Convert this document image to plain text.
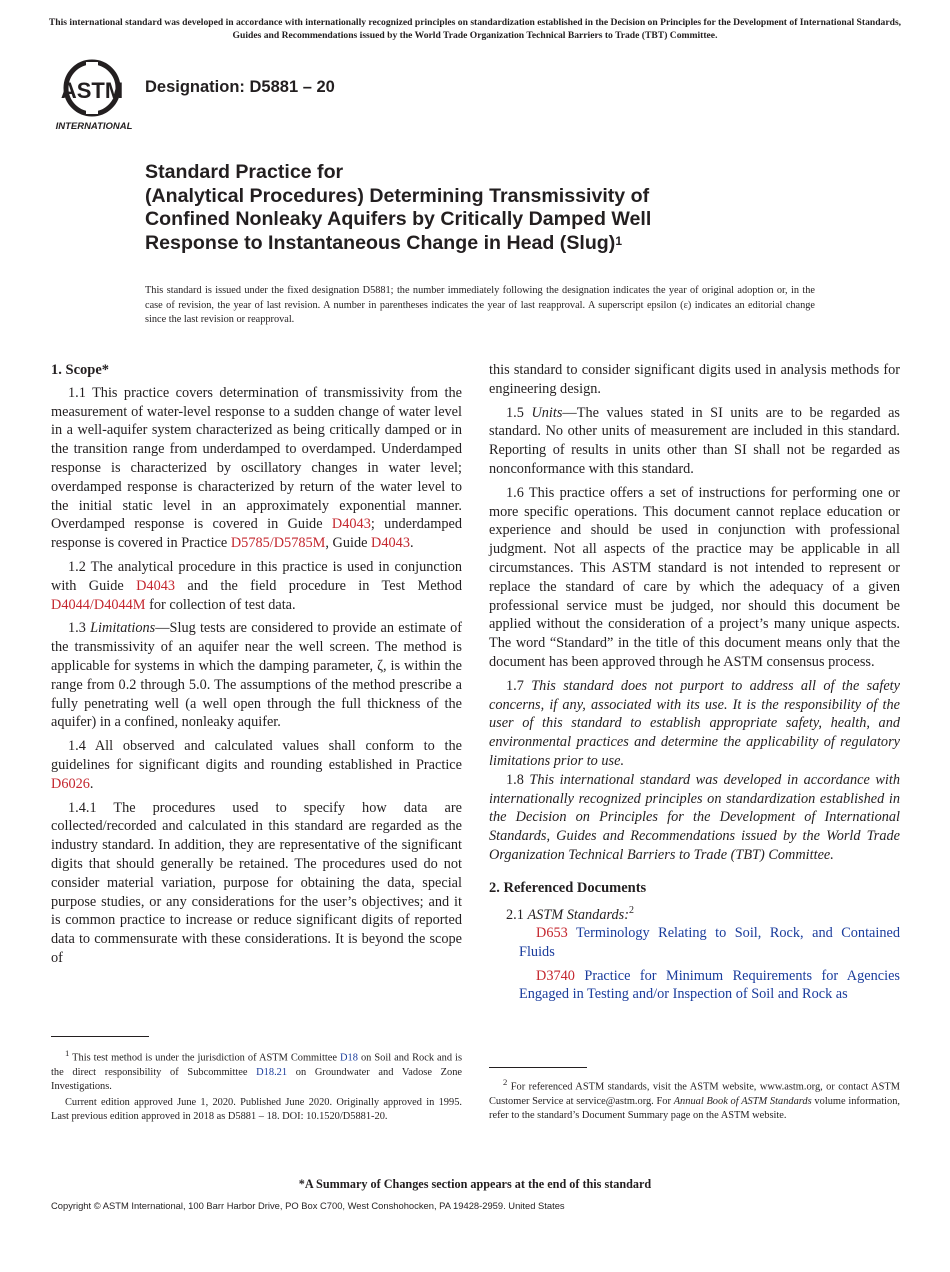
This international standard was developed in accordance with internationally recognized principles on standardization established in the Decision on Principles for the Development of International Standards, Guides and Recommendations issued by the World Trade Organization Technical Barriers to Trade (TBT) Committee.
ASTM
INTERNATIONAL
Designation: D5881 – 20
Standard Practice for
(Analytical Procedures) Determining Transmissivity of
Confined Nonleaky Aquifers by Critically Damped Well
Response to Instantaneous Change in Head (Slug)$^1$
This standard is issued under the fixed designation D5881; the number immediately following the designation indicates the year of original adoption or, in the case of revision, the year of last revision. A number in parentheses indicates the year of last reapproval. A superscript epsilon (ε) indicates an editorial change since the last revision or reapproval.
1. Scope*

1.1 This practice covers determination of transmissivity from the measurement of water-level response to a sudden change of water level in a well-aquifer system characterized as being critically damped or in the transition range from underdamped to overdamped. Underdamped response is characterized by oscillatory changes in water level; overdamped response is characterized by return of the water level to the initial static level in an approximately exponential manner. Overdamped response is covered in Guide D4043; underdamped response is covered in Practice D5785/D5785M, Guide D4043.

1.2 The analytical procedure in this practice is used in conjunction with Guide D4043 and the field procedure in Test Method D4044/D4044M for collection of test data.

1.3 Limitations—Slug tests are considered to provide an estimate of the transmissivity of an aquifer near the well screen. The method is applicable for systems in which the damping parameter, ζ, is within the range from 0.2 through 5.0. The assumptions of the method prescribe a fully penetrating well (a well open through the full thickness of the aquifer) in a confined, nonleaky aquifer.

1.4 All observed and calculated values shall conform to the guidelines for significant digits and rounding established in Practice D6026.

1.4.1 The procedures used to specify how data are collected/recorded and calculated in this standard are regarded as the industry standard. In addition, they are representative of the significant digits that should generally be retained. The procedures used do not consider material variation, purpose for obtaining the data, special purpose studies, or any considerations for the user’s objectives; and it is common practice to increase or reduce significant digits of reported data to commensurate with these considerations. It is beyond the scope of

$^1$ This test method is under the jurisdiction of ASTM Committee D18 on Soil and Rock and is the direct responsibility of Subcommittee D18.21 on Groundwater and Vadose Zone Investigations.

Current edition approved June 1, 2020. Published June 2020. Originally approved in 1995. Last previous edition approved in 2018 as D5881 – 18. DOI: 10.1520/D5881-20.

this standard to consider significant digits used in analysis methods for engineering design.

1.5 Units—The values stated in SI units are to be regarded as standard. No other units of measurement are included in this standard. Reporting of results in units other than SI shall not be regarded as nonconformance with this standard.

1.6 This practice offers a set of instructions for performing one or more specific operations. This document cannot replace education or experience and should be used in conjunction with professional judgment. Not all aspects of the practice may be applicable in all circumstances. This ASTM standard is not intended to represent or replace the standard of care by which the adequacy of a given professional service must be judged, nor should this document be applied without the consideration of a project’s many unique aspects. The word “Standard” in the title of this document means only that the document has been approved through he ASTM consensus process.

1.7 This standard does not purport to address all of the safety concerns, if any, associated with its use. It is the responsibility of the user of this standard to establish appropriate safety, health, and environmental practices and determine the applicability of regulatory limitations prior to use.

1.8 This international standard was developed in accordance with internationally recognized principles on standardization established in the Decision on Principles for the Development of International Standards, Guides and Recommendations issued by the World Trade Organization Technical Barriers to Trade (TBT) Committee.

2. Referenced Documents

2.1 ASTM Standards:$^2$

D653 Terminology Relating to Soil, Rock, and Contained Fluids

D3740 Practice for Minimum Requirements for Agencies Engaged in Testing and/or Inspection of Soil and Rock as

$^2$ For referenced ASTM standards, visit the ASTM website, www.astm.org, or contact ASTM Customer Service at service@astm.org. For Annual Book of ASTM Standards volume information, refer to the standard’s Document Summary page on the ASTM website.

*A Summary of Changes section appears at the end of this standard
Copyright © ASTM International, 100 Barr Harbor Drive, PO Box C700, West Conshohocken, PA 19428-2959. United States
